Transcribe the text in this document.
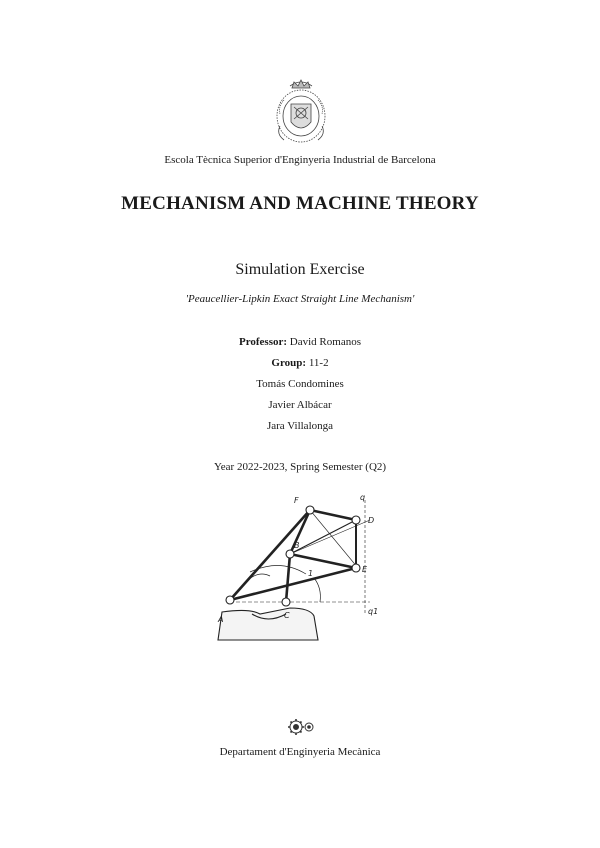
Escola Tècnica Superior d'Enginyeria Industrial de Barcelona
MECHANISM AND MACHINE THEORY
Simulation Exercise
'Peaucellier-Lipkin Exact Straight Line Mechanism'
Professor: David Romanos
Group: 11-2
Tomás Condomines
Javier Albácar
Jara Villalonga
Year 2022-2023, Spring Semester (Q2)
F
D
q
B
E
A	C	q1
1
Departament d'Enginyeria Mecànica
